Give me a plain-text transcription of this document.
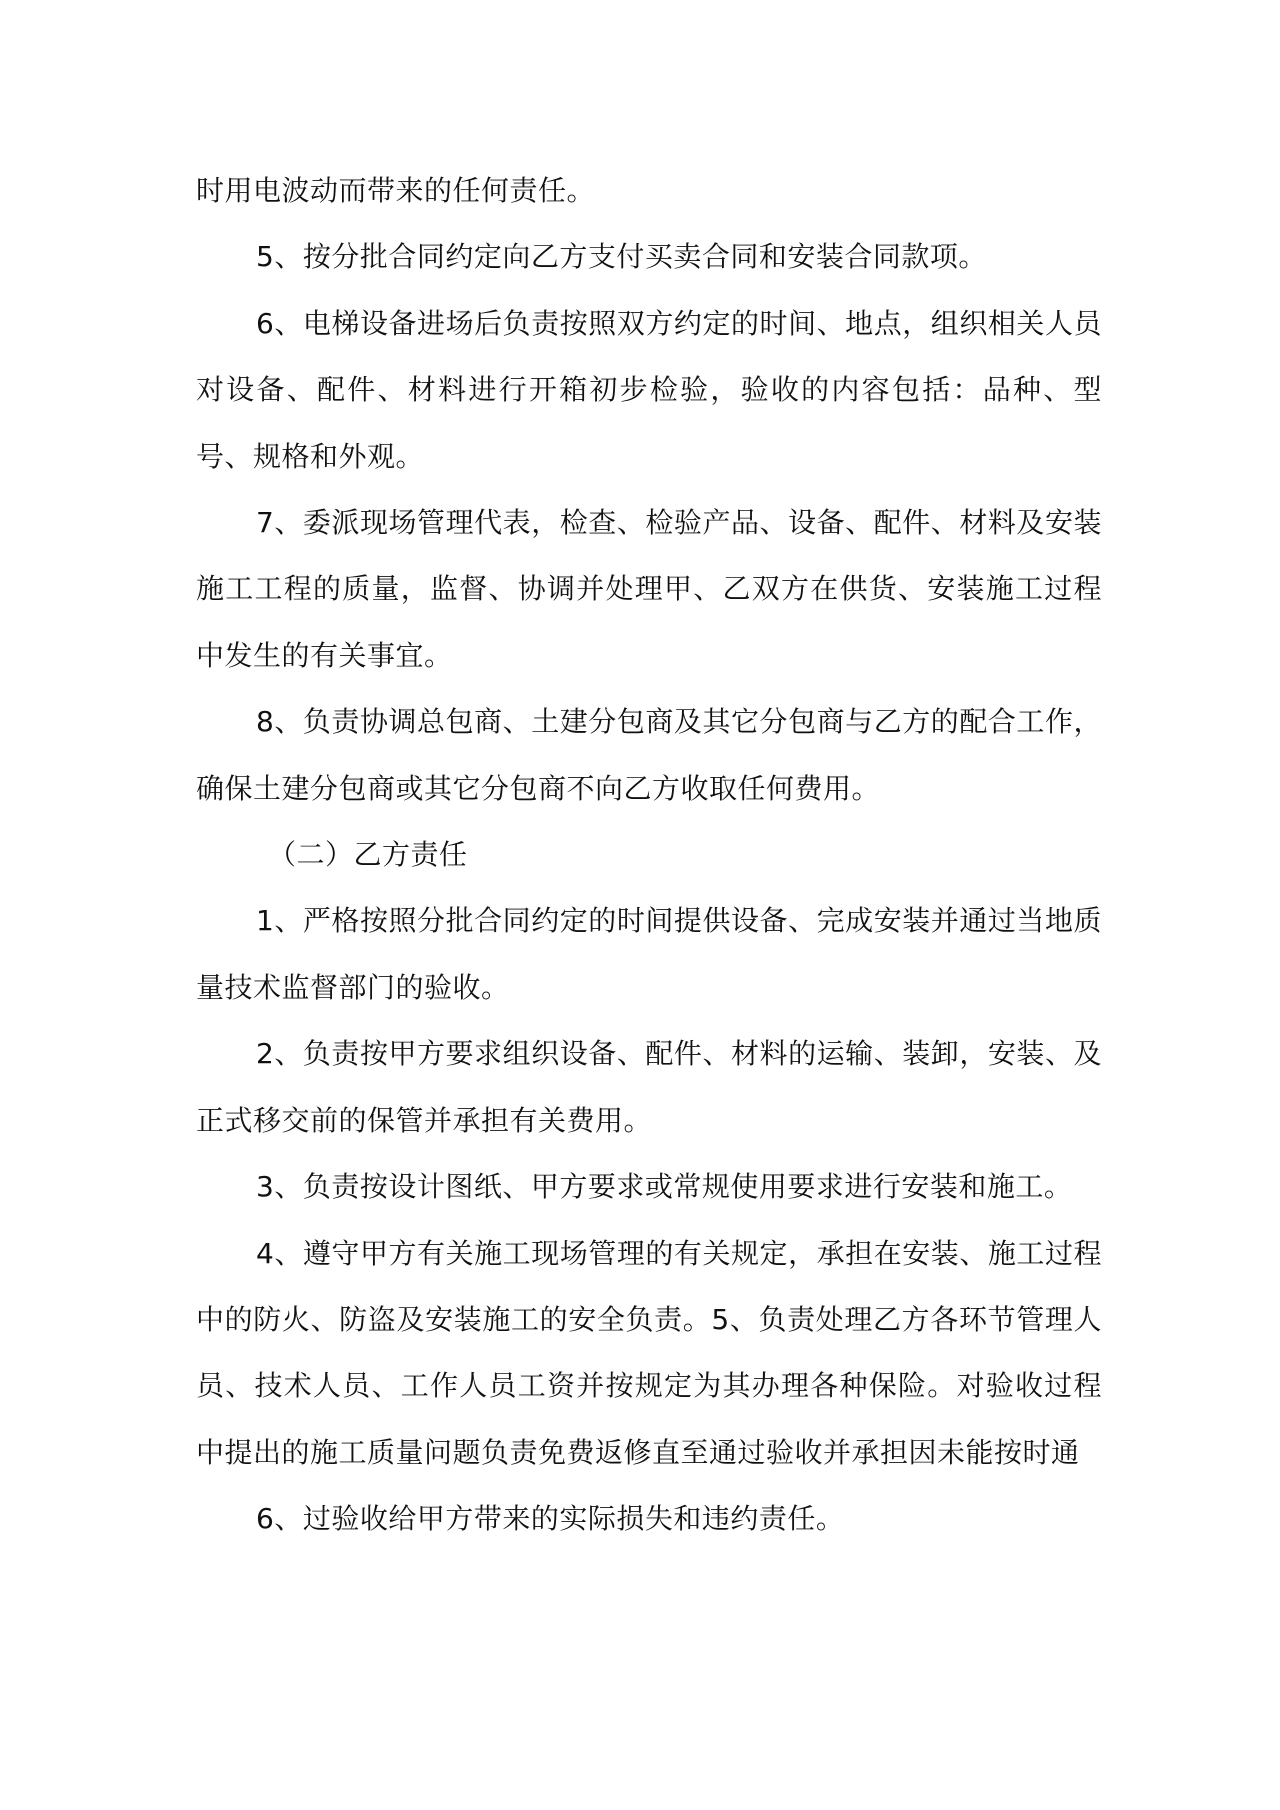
时用电波动而带来的任何责任。

5、按分批合同约定向乙方支付买卖合同和安装合同款项。

6、电梯设备进场后负责按照双方约定的时间、地点，组织相关人员对设备、配件、材料进行开箱初步检验，验收的内容包括：品种、型号、规格和外观。

7、委派现场管理代表，检查、检验产品、设备、配件、材料及安装施工工程的质量，监督、协调并处理甲、乙双方在供货、安装施工过程中发生的有关事宜。

8、负责协调总包商、土建分包商及其它分包商与乙方的配合工作，确保土建分包商或其它分包商不向乙方收取任何费用。

（二）乙方责任

1、严格按照分批合同约定的时间提供设备、完成安装并通过当地质量技术监督部门的验收。

2、负责按甲方要求组织设备、配件、材料的运输、装卸，安装、及正式移交前的保管并承担有关费用。

3、负责按设计图纸、甲方要求或常规使用要求进行安装和施工。

4、遵守甲方有关施工现场管理的有关规定，承担在安装、施工过程中的防火、防盗及安装施工的安全负责。5、负责处理乙方各环节管理人员、技术人员、工作人员工资并按规定为其办理各种保险。对验收过程中提出的施工质量问题负责免费返修直至通过验收并承担因未能按时通

6、过验收给甲方带来的实际损失和违约责任。
